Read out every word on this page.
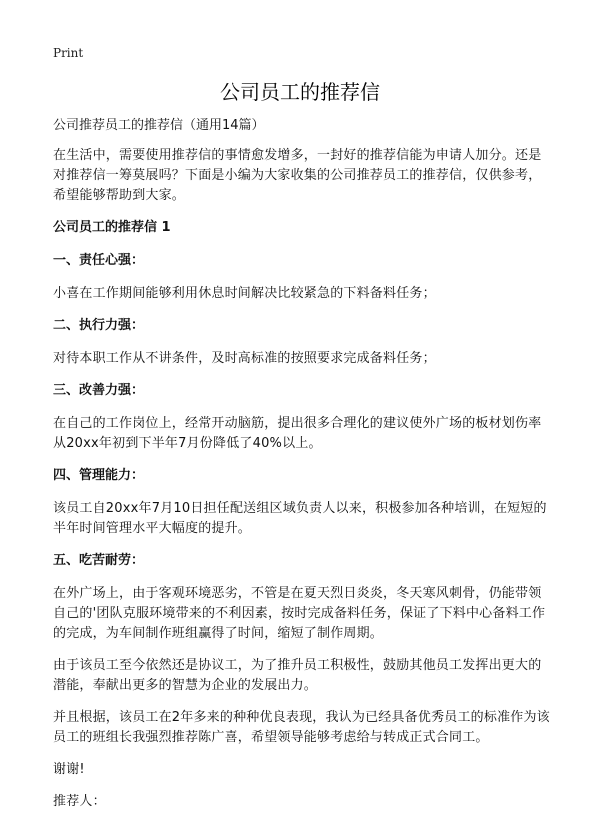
Print
公司员工的推荐信

公司推荐员工的推荐信（通用14篇）

在生活中，需要使用推荐信的事情愈发增多，一封好的推荐信能为申请人加分。还是对推荐信一筹莫展吗？下面是小编为大家收集的公司推荐员工的推荐信，仅供参考，希望能够帮助到大家。

公司员工的推荐信 1

一、责任心强：

小喜在工作期间能够利用休息时间解决比较紧急的下料备料任务；

二、执行力强：

对待本职工作从不讲条件，及时高标准的按照要求完成备料任务；

三、改善力强：

在自己的工作岗位上，经常开动脑筋，提出很多合理化的建议使外广场的板材划伤率从20xx年初到下半年7月份降低了40%以上。

四、管理能力：

该员工自20xx年7月10日担任配送组区域负责人以来，积极参加各种培训，在短短的半年时间管理水平大幅度的提升。

五、吃苦耐劳：

在外广场上，由于客观环境恶劣，不管是在夏天烈日炎炎，冬天寒风刺骨，仍能带领自己的'团队克服环境带来的不利因素，按时完成备料任务，保证了下料中心备料工作的完成，为车间制作班组赢得了时间，缩短了制作周期。

由于该员工至今依然还是协议工，为了推升员工积极性，鼓励其他员工发挥出更大的潜能，奉献出更多的智慧为企业的发展出力。

并且根据，该员工在2年多来的种种优良表现，我认为已经具备优秀员工的标准作为该员工的班组长我强烈推荐陈广喜，希望领导能够考虑给与转成正式合同工。

谢谢!

推荐人：
